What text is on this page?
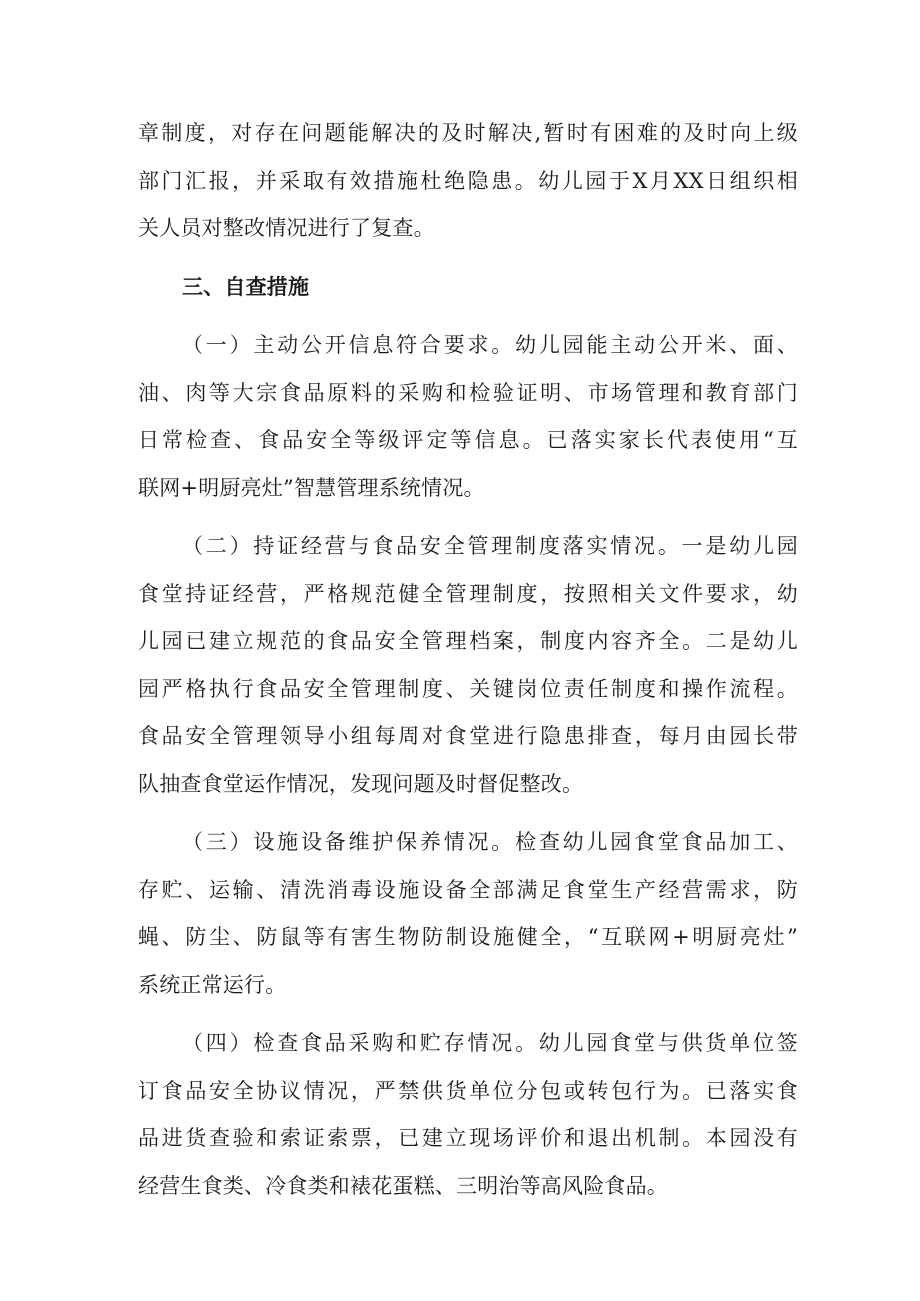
章制度，对存在问题能解决的及时解决,暂时有困难的及时向上级
部门汇报，并采取有效措施杜绝隐患。幼儿园于X月XX日组织相
关人员对整改情况进行了复查。
三、自查措施
（一）主动公开信息符合要求。幼儿园能主动公开米、面、
油、肉等大宗食品原料的采购和检验证明、市场管理和教育部门
日常检查、食品安全等级评定等信息。已落实家长代表使用“互
联网+明厨亮灶”智慧管理系统情况。
（二）持证经营与食品安全管理制度落实情况。一是幼儿园
食堂持证经营，严格规范健全管理制度，按照相关文件要求，幼
儿园已建立规范的食品安全管理档案，制度内容齐全。二是幼儿
园严格执行食品安全管理制度、关键岗位责任制度和操作流程。
食品安全管理领导小组每周对食堂进行隐患排查，每月由园长带
队抽查食堂运作情况，发现问题及时督促整改。
（三）设施设备维护保养情况。检查幼儿园食堂食品加工、
存贮、运输、清洗消毒设施设备全部满足食堂生产经营需求，防
蝇、防尘、防鼠等有害生物防制设施健全，“互联网+明厨亮灶”
系统正常运行。
（四）检查食品采购和贮存情况。幼儿园食堂与供货单位签
订食品安全协议情况，严禁供货单位分包或转包行为。已落实食
品进货查验和索证索票，已建立现场评价和退出机制。本园没有
经营生食类、冷食类和裱花蛋糕、三明治等高风险食品。
